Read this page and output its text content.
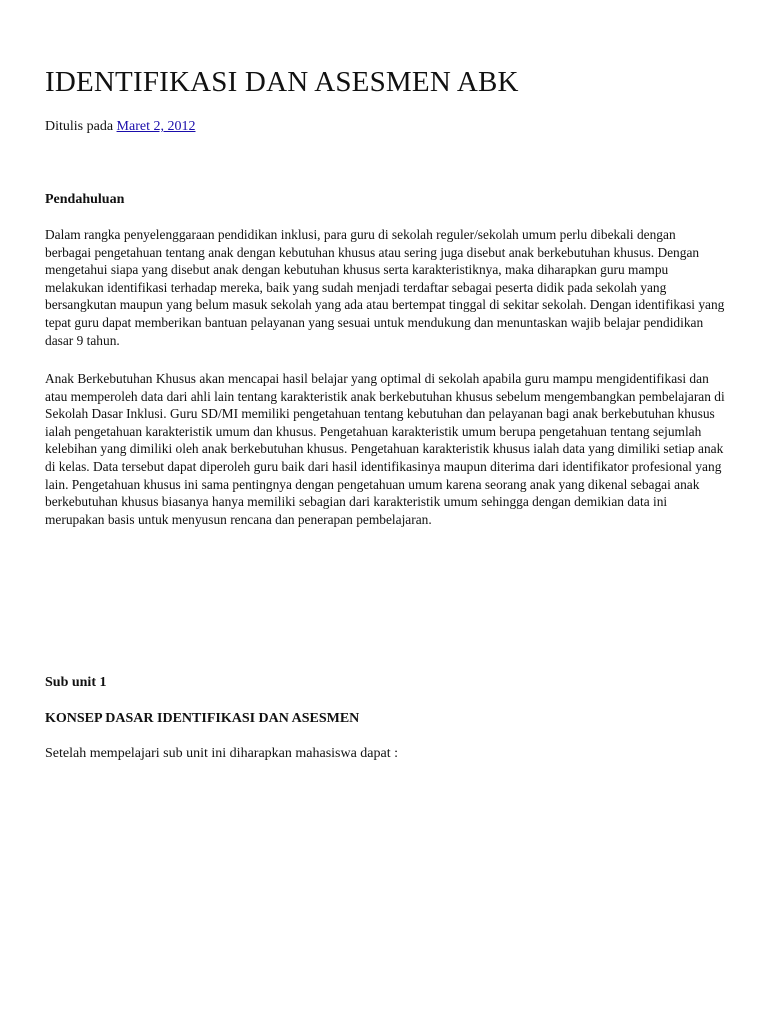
IDENTIFIKASI DAN ASESMEN ABK
Ditulis pada Maret 2, 2012
Pendahuluan

Dalam rangka penyelenggaraan pendidikan inklusi, para guru di sekolah reguler/sekolah umum perlu dibekali dengan berbagai pengetahuan tentang anak dengan kebutuhan khusus atau sering juga disebut anak berkebutuhan khusus. Dengan mengetahui siapa yang disebut anak dengan kebutuhan khusus serta karakteristiknya, maka diharapkan guru mampu melakukan identifikasi terhadap mereka, baik yang sudah menjadi terdaftar sebagai peserta didik pada sekolah yang bersangkutan maupun yang belum masuk sekolah yang ada atau bertempat tinggal di sekitar sekolah. Dengan identifikasi yang tepat guru dapat memberikan bantuan pelayanan yang sesuai untuk mendukung dan menuntaskan wajib belajar pendidikan dasar 9 tahun.

Anak Berkebutuhan Khusus akan mencapai hasil belajar yang optimal di sekolah apabila guru mampu mengidentifikasi dan atau memperoleh data dari ahli lain tentang karakteristik anak berkebutuhan khusus sebelum mengembangkan pembelajaran di Sekolah Dasar Inklusi. Guru SD/MI memiliki pengetahuan tentang kebutuhan dan pelayanan bagi anak berkebutuhan khusus ialah pengetahuan karakteristik umum dan khusus. Pengetahuan karakteristik umum berupa pengetahuan tentang sejumlah kelebihan yang dimiliki oleh anak berkebutuhan khusus. Pengetahuan karakteristik khusus ialah data yang dimiliki setiap anak di kelas. Data tersebut dapat diperoleh guru baik dari hasil identifikasinya maupun diterima dari identifikator profesional yang lain. Pengetahuan khusus ini sama pentingnya dengan pengetahuan umum karena seorang anak yang dikenal sebagai anak berkebutuhan khusus biasanya hanya memiliki sebagian dari karakteristik umum sehingga dengan demikian data ini merupakan basis untuk menyusun rencana dan penerapan pembelajaran.

Sub unit 1
KONSEP DASAR IDENTIFIKASI DAN ASESMEN

Setelah mempelajari sub unit ini diharapkan mahasiswa dapat :
